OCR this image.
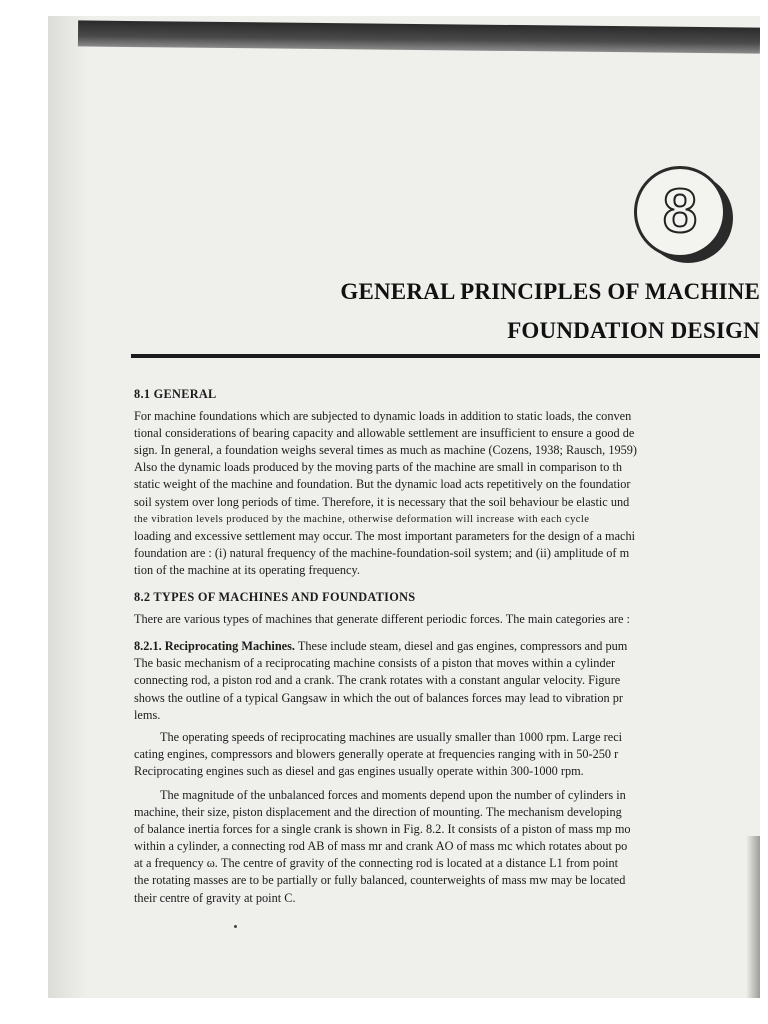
8
GENERAL PRINCIPLES OF MACHINE
FOUNDATION DESIGN

8.1 GENERAL

For machine foundations which are subjected to dynamic loads in addition to static loads, the conven

tional considerations of bearing capacity and allowable settlement are insufficient to ensure a good de

sign. In general, a foundation weighs several times as much as machine (Cozens, 1938; Rausch, 1959)

Also the dynamic loads produced by the moving parts of the machine are small in comparison to th

static weight of the machine and foundation. But the dynamic load acts repetitively on the foundatior

soil system over long periods of time. Therefore, it is necessary that the soil behaviour be elastic und

the vibration levels produced by the machine, otherwise deformation will increase with each cycle

loading and excessive settlement may occur. The most important parameters for the design of a machi

foundation are : (i) natural frequency of the machine-foundation-soil system; and (ii) amplitude of m

tion of the machine at its operating frequency.

8.2 TYPES OF MACHINES AND FOUNDATIONS

There are various types of machines that generate different periodic forces. The main categories are :

8.2.1. Reciprocating Machines. These include steam, diesel and gas engines, compressors and pum

The basic mechanism of a reciprocating machine consists of a piston that moves within a cylinder

connecting rod, a piston rod and a crank. The crank rotates with a constant angular velocity. Figure

shows the outline of a typical Gangsaw in which the out of balances forces may lead to vibration pr

lems.

The operating speeds of reciprocating machines are usually smaller than 1000 rpm. Large reci

cating engines, compressors and blowers generally operate at frequencies ranging with in 50-250 r

Reciprocating engines such as diesel and gas engines usually operate within 300-1000 rpm.

The magnitude of the unbalanced forces and moments depend upon the number of cylinders in

machine, their size, piston displacement and the direction of mounting. The mechanism developing

of balance inertia forces for a single crank is shown in Fig. 8.2. It consists of a piston of mass mp mo

within a cylinder, a connecting rod AB of mass mr and crank AO of mass mc which rotates about po

at a frequency ω. The centre of gravity of the connecting rod is located at a distance L1 from point

the rotating masses are to be partially or fully balanced, counterweights of mass mw may be located

their centre of gravity at point C.
